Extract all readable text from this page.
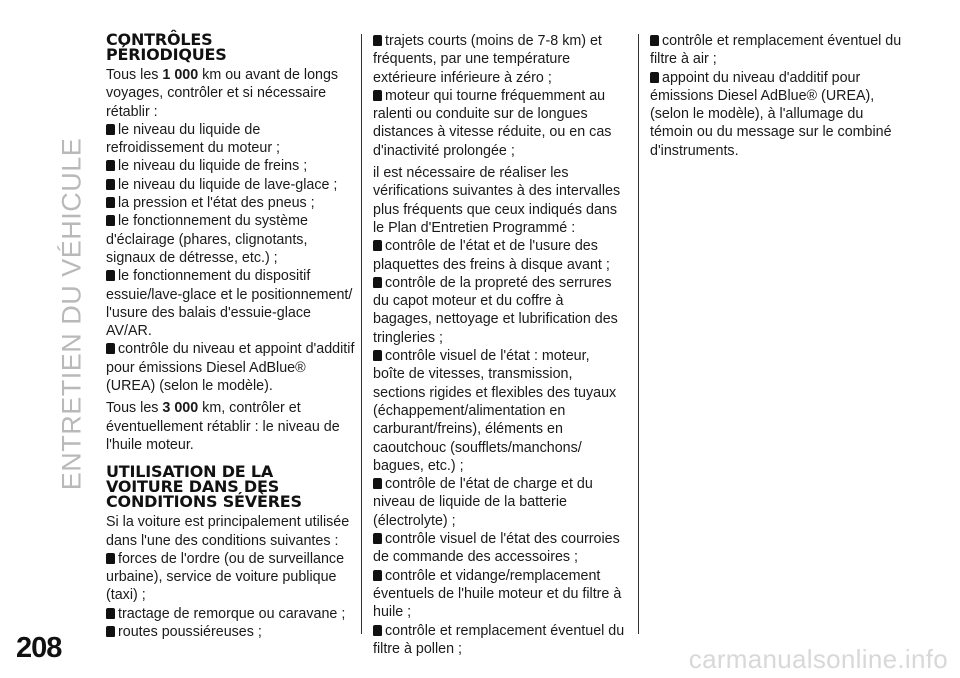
ENTRETIEN DU VÉHICULE
CONTRÔLES
PÉRIODIQUES

Tous les 1 000 km ou avant de longs voyages, contrôler et si nécessaire rétablir :

le niveau du liquide de refroidissement du moteur ;
le niveau du liquide de freins ;
le niveau du liquide de lave-glace ;
la pression et l'état des pneus ;
le fonctionnement du système d'éclairage (phares, clignotants, signaux de détresse, etc.) ;
le fonctionnement du dispositif essuie/lave-glace et le positionnement/ l'usure des balais d'essuie-glace AV/AR.
contrôle du niveau et appoint d'additif pour émissions Diesel AdBlue® (UREA) (selon le modèle).

Tous les 3 000 km, contrôler et éventuellement rétablir : le niveau de l'huile moteur.

UTILISATION DE LA
VOITURE DANS DES
CONDITIONS SÉVÈRES

Si la voiture est principalement utilisée dans l'une des conditions suivantes :

forces de l'ordre (ou de surveillance urbaine), service de voiture publique (taxi) ;
tractage de remorque ou caravane ;
routes poussiéreuses ;
trajets courts (moins de 7-8 km) et fréquents, par une température extérieure inférieure à zéro ;
moteur qui tourne fréquemment au ralenti ou conduite sur de longues distances à vitesse réduite, ou en cas d'inactivité prolongée ;

il est nécessaire de réaliser les vérifications suivantes à des intervalles plus fréquents que ceux indiqués dans le Plan d'Entretien Programmé :

contrôle de l'état et de l'usure des plaquettes des freins à disque avant ;
contrôle de la propreté des serrures du capot moteur et du coffre à bagages, nettoyage et lubrification des tringleries ;
contrôle visuel de l'état : moteur, boîte de vitesses, transmission, sections rigides et flexibles des tuyaux (échappement/alimentation en carburant/freins), éléments en caoutchouc (soufflets/manchons/ bagues, etc.) ;
contrôle de l'état de charge et du niveau de liquide de la batterie (électrolyte) ;
contrôle visuel de l'état des courroies de commande des accessoires ;
contrôle et vidange/remplacement éventuels de l'huile moteur et du filtre à huile ;
contrôle et remplacement éventuel du filtre à pollen ;
contrôle et remplacement éventuel du filtre à air ;
appoint du niveau d'additif pour émissions Diesel AdBlue® (UREA), (selon le modèle), à l'allumage du témoin ou du message sur le combiné d'instruments.
208	carmanualsonline.info
